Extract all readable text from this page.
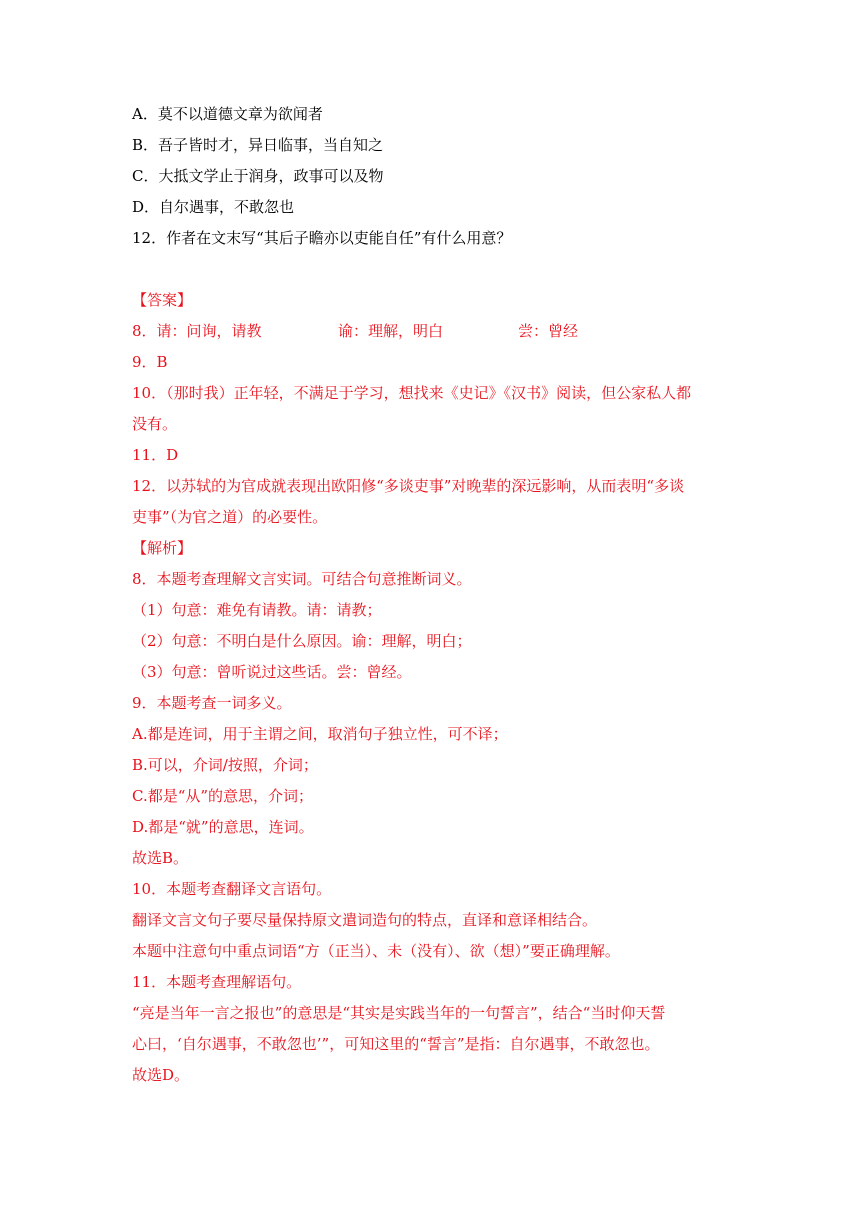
A．莫不以道德文章为欲闻者
B．吾子皆时才，异日临事，当自知之
C．大抵文学止于润身，政事可以及物
D．自尔遇事，不敢忽也
12．作者在文末写“其后子瞻亦以吏能自任”有什么用意？
【答案】
8．请：问询，请教	谕：理解，明白	尝：曾经
9．B
10．（那时我）正年轻，不满足于学习，想找来《史记》《汉书》阅读，但公家私人都
没有。
11．D
12．以苏轼的为官成就表现出欧阳修“多谈吏事”对晚辈的深远影响，从而表明“多谈
吏事”（为官之道）的必要性。
【解析】
8．本题考查理解文言实词。可结合句意推断词义。
（1）句意：难免有请教。请：请教；
（2）句意：不明白是什么原因。谕：理解，明白；
（3）句意：曾听说过这些话。尝：曾经。
9．本题考查一词多义。
A.都是连词，用于主谓之间，取消句子独立性，可不译；
B.可以，介词/按照，介词；
C.都是“从”的意思，介词；
D.都是“就”的意思，连词。
故选B。
10．本题考查翻译文言语句。
翻译文言文句子要尽量保持原文遣词造句的特点，直译和意译相结合。
本题中注意句中重点词语“方（正当）、未（没有）、欲（想）”要正确理解。
11．本题考查理解语句。
“亮是当年一言之报也”的意思是“其实是实践当年的一句誓言”，结合“当时仰天誓
心曰，‘自尔遇事，不敢忽也’”，可知这里的“誓言”是指：自尔遇事，不敢忽也。
故选D。
